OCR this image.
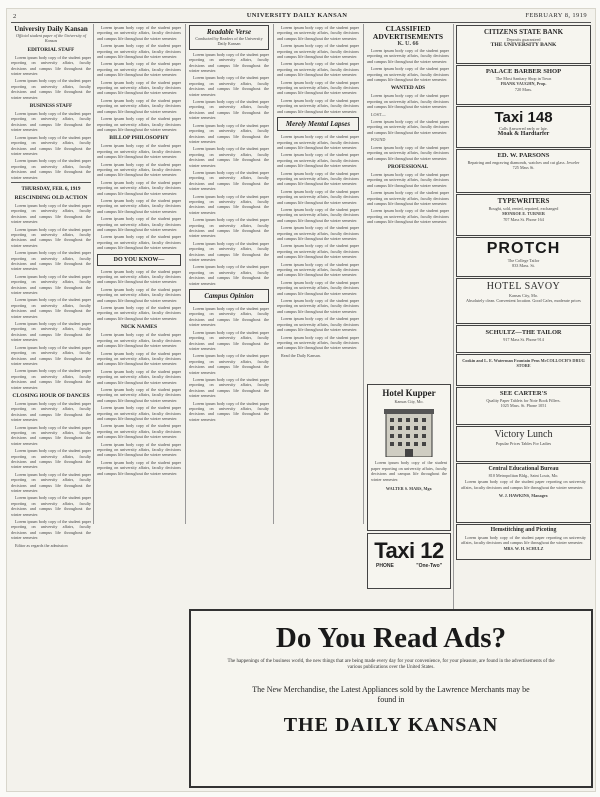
2	UNIVERSITY DAILY KANSAN	FEBRUARY 8, 1919
University Daily Kansan
Official student paper of the University of Kansas
EDITORIAL STAFF

Lorem ipsum body copy of the student paper reporting on university affairs, faculty decisions and campus life throughout the winter semester.

Lorem ipsum body copy of the student paper reporting on university affairs, faculty decisions and campus life throughout the winter semester.

BUSINESS STAFF

Lorem ipsum body copy of the student paper reporting on university affairs, faculty decisions and campus life throughout the winter semester.

Lorem ipsum body copy of the student paper reporting on university affairs, faculty decisions and campus life throughout the winter semester.

Lorem ipsum body copy of the student paper reporting on university affairs, faculty decisions and campus life throughout the winter semester.

THURSDAY, FEB. 6, 1919
RESCINDING OLD ACTION

Lorem ipsum body copy of the student paper reporting on university affairs, faculty decisions and campus life throughout the winter semester.

Lorem ipsum body copy of the student paper reporting on university affairs, faculty decisions and campus life throughout the winter semester.

Lorem ipsum body copy of the student paper reporting on university affairs, faculty decisions and campus life throughout the winter semester.

Lorem ipsum body copy of the student paper reporting on university affairs, faculty decisions and campus life throughout the winter semester.

Lorem ipsum body copy of the student paper reporting on university affairs, faculty decisions and campus life throughout the winter semester.

Lorem ipsum body copy of the student paper reporting on university affairs, faculty decisions and campus life throughout the winter semester.

Lorem ipsum body copy of the student paper reporting on university affairs, faculty decisions and campus life throughout the winter semester.

Lorem ipsum body copy of the student paper reporting on university affairs, faculty decisions and campus life throughout the winter semester.

CLOSING HOUR OF DANCES

Lorem ipsum body copy of the student paper reporting on university affairs, faculty decisions and campus life throughout the winter semester.

Lorem ipsum body copy of the student paper reporting on university affairs, faculty decisions and campus life throughout the winter semester.

Lorem ipsum body copy of the student paper reporting on university affairs, faculty decisions and campus life throughout the winter semester.

Lorem ipsum body copy of the student paper reporting on university affairs, faculty decisions and campus life throughout the winter semester.

Lorem ipsum body copy of the student paper reporting on university affairs, faculty decisions and campus life throughout the winter semester.

Lorem ipsum body copy of the student paper reporting on university affairs, faculty decisions and campus life throughout the winter semester.

Editor as regards the admission

Lorem ipsum body copy of the student paper reporting on university affairs, faculty decisions and campus life throughout the winter semester.

Lorem ipsum body copy of the student paper reporting on university affairs, faculty decisions and campus life throughout the winter semester.

Lorem ipsum body copy of the student paper reporting on university affairs, faculty decisions and campus life throughout the winter semester.

Lorem ipsum body copy of the student paper reporting on university affairs, faculty decisions and campus life throughout the winter semester.

Lorem ipsum body copy of the student paper reporting on university affairs, faculty decisions and campus life throughout the winter semester.

Lorem ipsum body copy of the student paper reporting on university affairs, faculty decisions and campus life throughout the winter semester.

BILLOP PHILOSOPHY

Lorem ipsum body copy of the student paper reporting on university affairs, faculty decisions and campus life throughout the winter semester.

Lorem ipsum body copy of the student paper reporting on university affairs, faculty decisions and campus life throughout the winter semester.

Lorem ipsum body copy of the student paper reporting on university affairs, faculty decisions and campus life throughout the winter semester.

Lorem ipsum body copy of the student paper reporting on university affairs, faculty decisions and campus life throughout the winter semester.

Lorem ipsum body copy of the student paper reporting on university affairs, faculty decisions and campus life throughout the winter semester.

Lorem ipsum body copy of the student paper reporting on university affairs, faculty decisions and campus life throughout the winter semester.

DO YOU KNOW—

Lorem ipsum body copy of the student paper reporting on university affairs, faculty decisions and campus life throughout the winter semester.

Lorem ipsum body copy of the student paper reporting on university affairs, faculty decisions and campus life throughout the winter semester.

Lorem ipsum body copy of the student paper reporting on university affairs, faculty decisions and campus life throughout the winter semester.

NICK NAMES

Lorem ipsum body copy of the student paper reporting on university affairs, faculty decisions and campus life throughout the winter semester.

Lorem ipsum body copy of the student paper reporting on university affairs, faculty decisions and campus life throughout the winter semester.

Lorem ipsum body copy of the student paper reporting on university affairs, faculty decisions and campus life throughout the winter semester.

Lorem ipsum body copy of the student paper reporting on university affairs, faculty decisions and campus life throughout the winter semester.

Lorem ipsum body copy of the student paper reporting on university affairs, faculty decisions and campus life throughout the winter semester.

Lorem ipsum body copy of the student paper reporting on university affairs, faculty decisions and campus life throughout the winter semester.

Lorem ipsum body copy of the student paper reporting on university affairs, faculty decisions and campus life throughout the winter semester.

Lorem ipsum body copy of the student paper reporting on university affairs, faculty decisions and campus life throughout the winter semester.

Readable Verse
Conducted by Readers of the University Daily Kansan

Lorem ipsum body copy of the student paper reporting on university affairs, faculty decisions and campus life throughout the winter semester.

Lorem ipsum body copy of the student paper reporting on university affairs, faculty decisions and campus life throughout the winter semester.

Lorem ipsum body copy of the student paper reporting on university affairs, faculty decisions and campus life throughout the winter semester.

Lorem ipsum body copy of the student paper reporting on university affairs, faculty decisions and campus life throughout the winter semester.

Lorem ipsum body copy of the student paper reporting on university affairs, faculty decisions and campus life throughout the winter semester.

Lorem ipsum body copy of the student paper reporting on university affairs, faculty decisions and campus life throughout the winter semester.

Lorem ipsum body copy of the student paper reporting on university affairs, faculty decisions and campus life throughout the winter semester.

Lorem ipsum body copy of the student paper reporting on university affairs, faculty decisions and campus life throughout the winter semester.

Lorem ipsum body copy of the student paper reporting on university affairs, faculty decisions and campus life throughout the winter semester.

Lorem ipsum body copy of the student paper reporting on university affairs, faculty decisions and campus life throughout the winter semester.

Campus Opinion

Lorem ipsum body copy of the student paper reporting on university affairs, faculty decisions and campus life throughout the winter semester.

Lorem ipsum body copy of the student paper reporting on university affairs, faculty decisions and campus life throughout the winter semester.

Lorem ipsum body copy of the student paper reporting on university affairs, faculty decisions and campus life throughout the winter semester.

Lorem ipsum body copy of the student paper reporting on university affairs, faculty decisions and campus life throughout the winter semester.

Lorem ipsum body copy of the student paper reporting on university affairs, faculty decisions and campus life throughout the winter semester.

Lorem ipsum body copy of the student paper reporting on university affairs, faculty decisions and campus life throughout the winter semester.

Lorem ipsum body copy of the student paper reporting on university affairs, faculty decisions and campus life throughout the winter semester.

Lorem ipsum body copy of the student paper reporting on university affairs, faculty decisions and campus life throughout the winter semester.

Lorem ipsum body copy of the student paper reporting on university affairs, faculty decisions and campus life throughout the winter semester.

Lorem ipsum body copy of the student paper reporting on university affairs, faculty decisions and campus life throughout the winter semester.

Merely Mental Lapses

Lorem ipsum body copy of the student paper reporting on university affairs, faculty decisions and campus life throughout the winter semester.

Lorem ipsum body copy of the student paper reporting on university affairs, faculty decisions and campus life throughout the winter semester.

Lorem ipsum body copy of the student paper reporting on university affairs, faculty decisions and campus life throughout the winter semester.

Lorem ipsum body copy of the student paper reporting on university affairs, faculty decisions and campus life throughout the winter semester.

Lorem ipsum body copy of the student paper reporting on university affairs, faculty decisions and campus life throughout the winter semester.

Lorem ipsum body copy of the student paper reporting on university affairs, faculty decisions and campus life throughout the winter semester.

Lorem ipsum body copy of the student paper reporting on university affairs, faculty decisions and campus life throughout the winter semester.

Lorem ipsum body copy of the student paper reporting on university affairs, faculty decisions and campus life throughout the winter semester.

Lorem ipsum body copy of the student paper reporting on university affairs, faculty decisions and campus life throughout the winter semester.

Lorem ipsum body copy of the student paper reporting on university affairs, faculty decisions and campus life throughout the winter semester.

Lorem ipsum body copy of the student paper reporting on university affairs, faculty decisions and campus life throughout the winter semester.

Lorem ipsum body copy of the student paper reporting on university affairs, faculty decisions and campus life throughout the winter semester.

Read the Daily Kansan.

CLASSIFIED ADVERTISEMENTS
K. U. 66

Lorem ipsum body copy of the student paper reporting on university affairs, faculty decisions and campus life throughout the winter semester.

Lorem ipsum body copy of the student paper reporting on university affairs, faculty decisions and campus life throughout the winter semester.

WANTED ADS

Lorem ipsum body copy of the student paper reporting on university affairs, faculty decisions and campus life throughout the winter semester.

LOST—

Lorem ipsum body copy of the student paper reporting on university affairs, faculty decisions and campus life throughout the winter semester.

FOUND

Lorem ipsum body copy of the student paper reporting on university affairs, faculty decisions and campus life throughout the winter semester.

PROFESSIONAL

Lorem ipsum body copy of the student paper reporting on university affairs, faculty decisions and campus life throughout the winter semester.

Lorem ipsum body copy of the student paper reporting on university affairs, faculty decisions and campus life throughout the winter semester.

Lorem ipsum body copy of the student paper reporting on university affairs, faculty decisions and campus life throughout the winter semester.

Hotel Kupper
Kansas City, Mo.

Lorem ipsum body copy of the student paper reporting on university affairs, faculty decisions and campus life throughout the winter semester.

WALTER S. MARS, Mgr.
CITIZENS STATE BANK
Deposits guaranteed
THE UNIVERSITY BANK
PALACE BARBER SHOP
The Most Sanitary Shop in Town
FRANK VAUGHN, Prop.
720 Mass.
Taxi 148
Calls Answered early or late.
Moak & Hardtarfer
ED. W. PARSONS
Repairing and engraving diamonds, watches and cut glass. Jeweler
725 Mass St.
TYPEWRITERS
Bought, sold, rented, repaired, exchanged
MONROE E. TURNER
707 Mass St. Phone 164
PROTCH
The College Tailor
833 Mass. St.
HOTEL SAVOY
Kansas City, Mo.
Absolutely clean. Convenient location. Good Cafes, moderate prices
SCHULTZ—THE TAILOR
917 Mass St. Phone 914
Cookin and L. E. Waterman Fountain Pens McCOLLOCH'S DRUG STORE
SEE CARTER'S
Quality Paper Tablets for Note Book Fillers.
1025 Mass. St. Phone 1051
Victory Lunch
Popular Prices Tables For Ladies
Central Educational Bureau
810 Metropolitan Bldg., Saint Louis, Mo.

Lorem ipsum body copy of the student paper reporting on university affairs, faculty decisions and campus life throughout the winter semester.

W. J. HAWKINS, Manager.
Hemstitching and Picoting

Lorem ipsum body copy of the student paper reporting on university affairs, faculty decisions and campus life throughout the winter semester.

MRS. W. H. SCHULZ
Taxi 12
PHONE	"One-Two"
Do You Read Ads?
The happenings of the business world, the new things that are being made every day for your convenience, for your pleasure, are found in the advertisements of the various publications over the United States.
The New Merchandise, the Latest Appliances sold by the Lawrence Merchants may be found in
THE DAILY KANSAN
